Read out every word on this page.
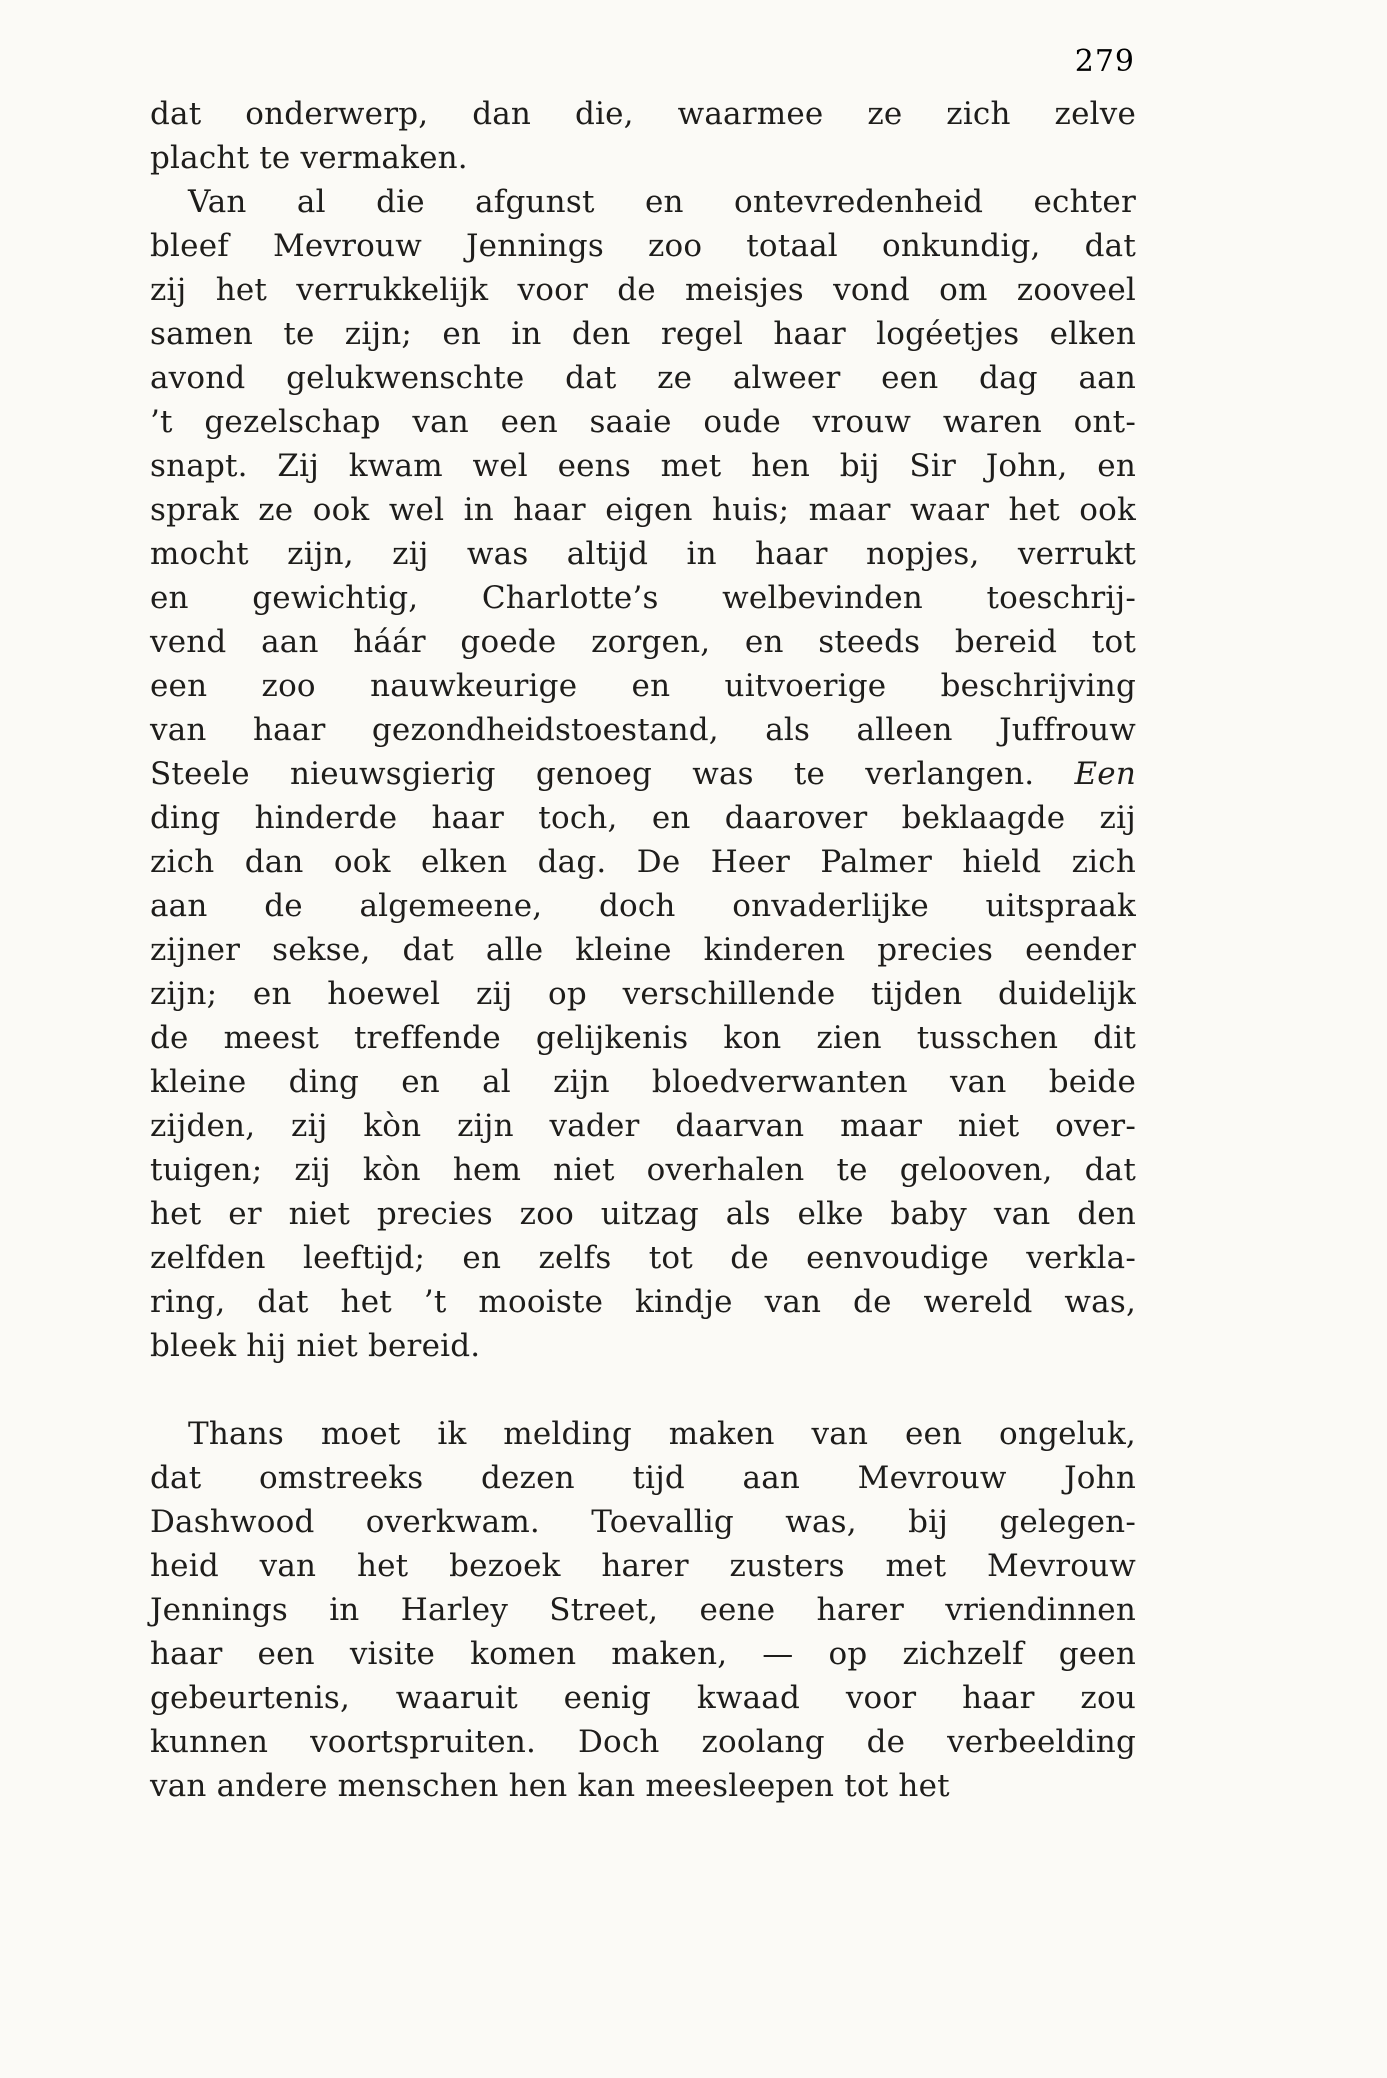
279
dat onderwerp, dan die, waarmee ze zich zelve
placht te vermaken.
Van al die afgunst en ontevredenheid echter
bleef Mevrouw Jennings zoo totaal onkundig, dat
zij het verrukkelijk voor de meisjes vond om zooveel
samen te zijn; en in den regel haar logéetjes elken
avond gelukwenschte dat ze alweer een dag aan
’t gezelschap van een saaie oude vrouw waren ont-
snapt. Zij kwam wel eens met hen bij Sir John, en
sprak ze ook wel in haar eigen huis; maar waar het ook
mocht zijn, zij was altijd in haar nopjes, verrukt
en gewichtig, Charlotte’s welbevinden toeschrij-
vend aan háár goede zorgen, en steeds bereid tot
een zoo nauwkeurige en uitvoerige beschrijving
van haar gezondheidstoestand, als alleen Juffrouw
Steele nieuwsgierig genoeg was te verlangen. Een
ding hinderde haar toch, en daarover beklaagde zij
zich dan ook elken dag. De Heer Palmer hield zich
aan de algemeene, doch onvaderlijke uitspraak
zijner sekse, dat alle kleine kinderen precies eender
zijn; en hoewel zij op verschillende tijden duidelijk
de meest treffende gelijkenis kon zien tusschen dit
kleine ding en al zijn bloedverwanten van beide
zijden, zij kòn zijn vader daarvan maar niet over-
tuigen; zij kòn hem niet overhalen te gelooven, dat
het er niet precies zoo uitzag als elke baby van den
zelfden leeftijd; en zelfs tot de eenvoudige verkla-
ring, dat het ’t mooiste kindje van de wereld was,
bleek hij niet bereid.
Thans moet ik melding maken van een ongeluk,
dat omstreeks dezen tijd aan Mevrouw John
Dashwood overkwam. Toevallig was, bij gelegen-
heid van het bezoek harer zusters met Mevrouw
Jennings in Harley Street, eene harer vriendinnen
haar een visite komen maken, — op zichzelf geen
gebeurtenis, waaruit eenig kwaad voor haar zou
kunnen voortspruiten. Doch zoolang de verbeelding
van andere menschen hen kan meesleepen tot het
